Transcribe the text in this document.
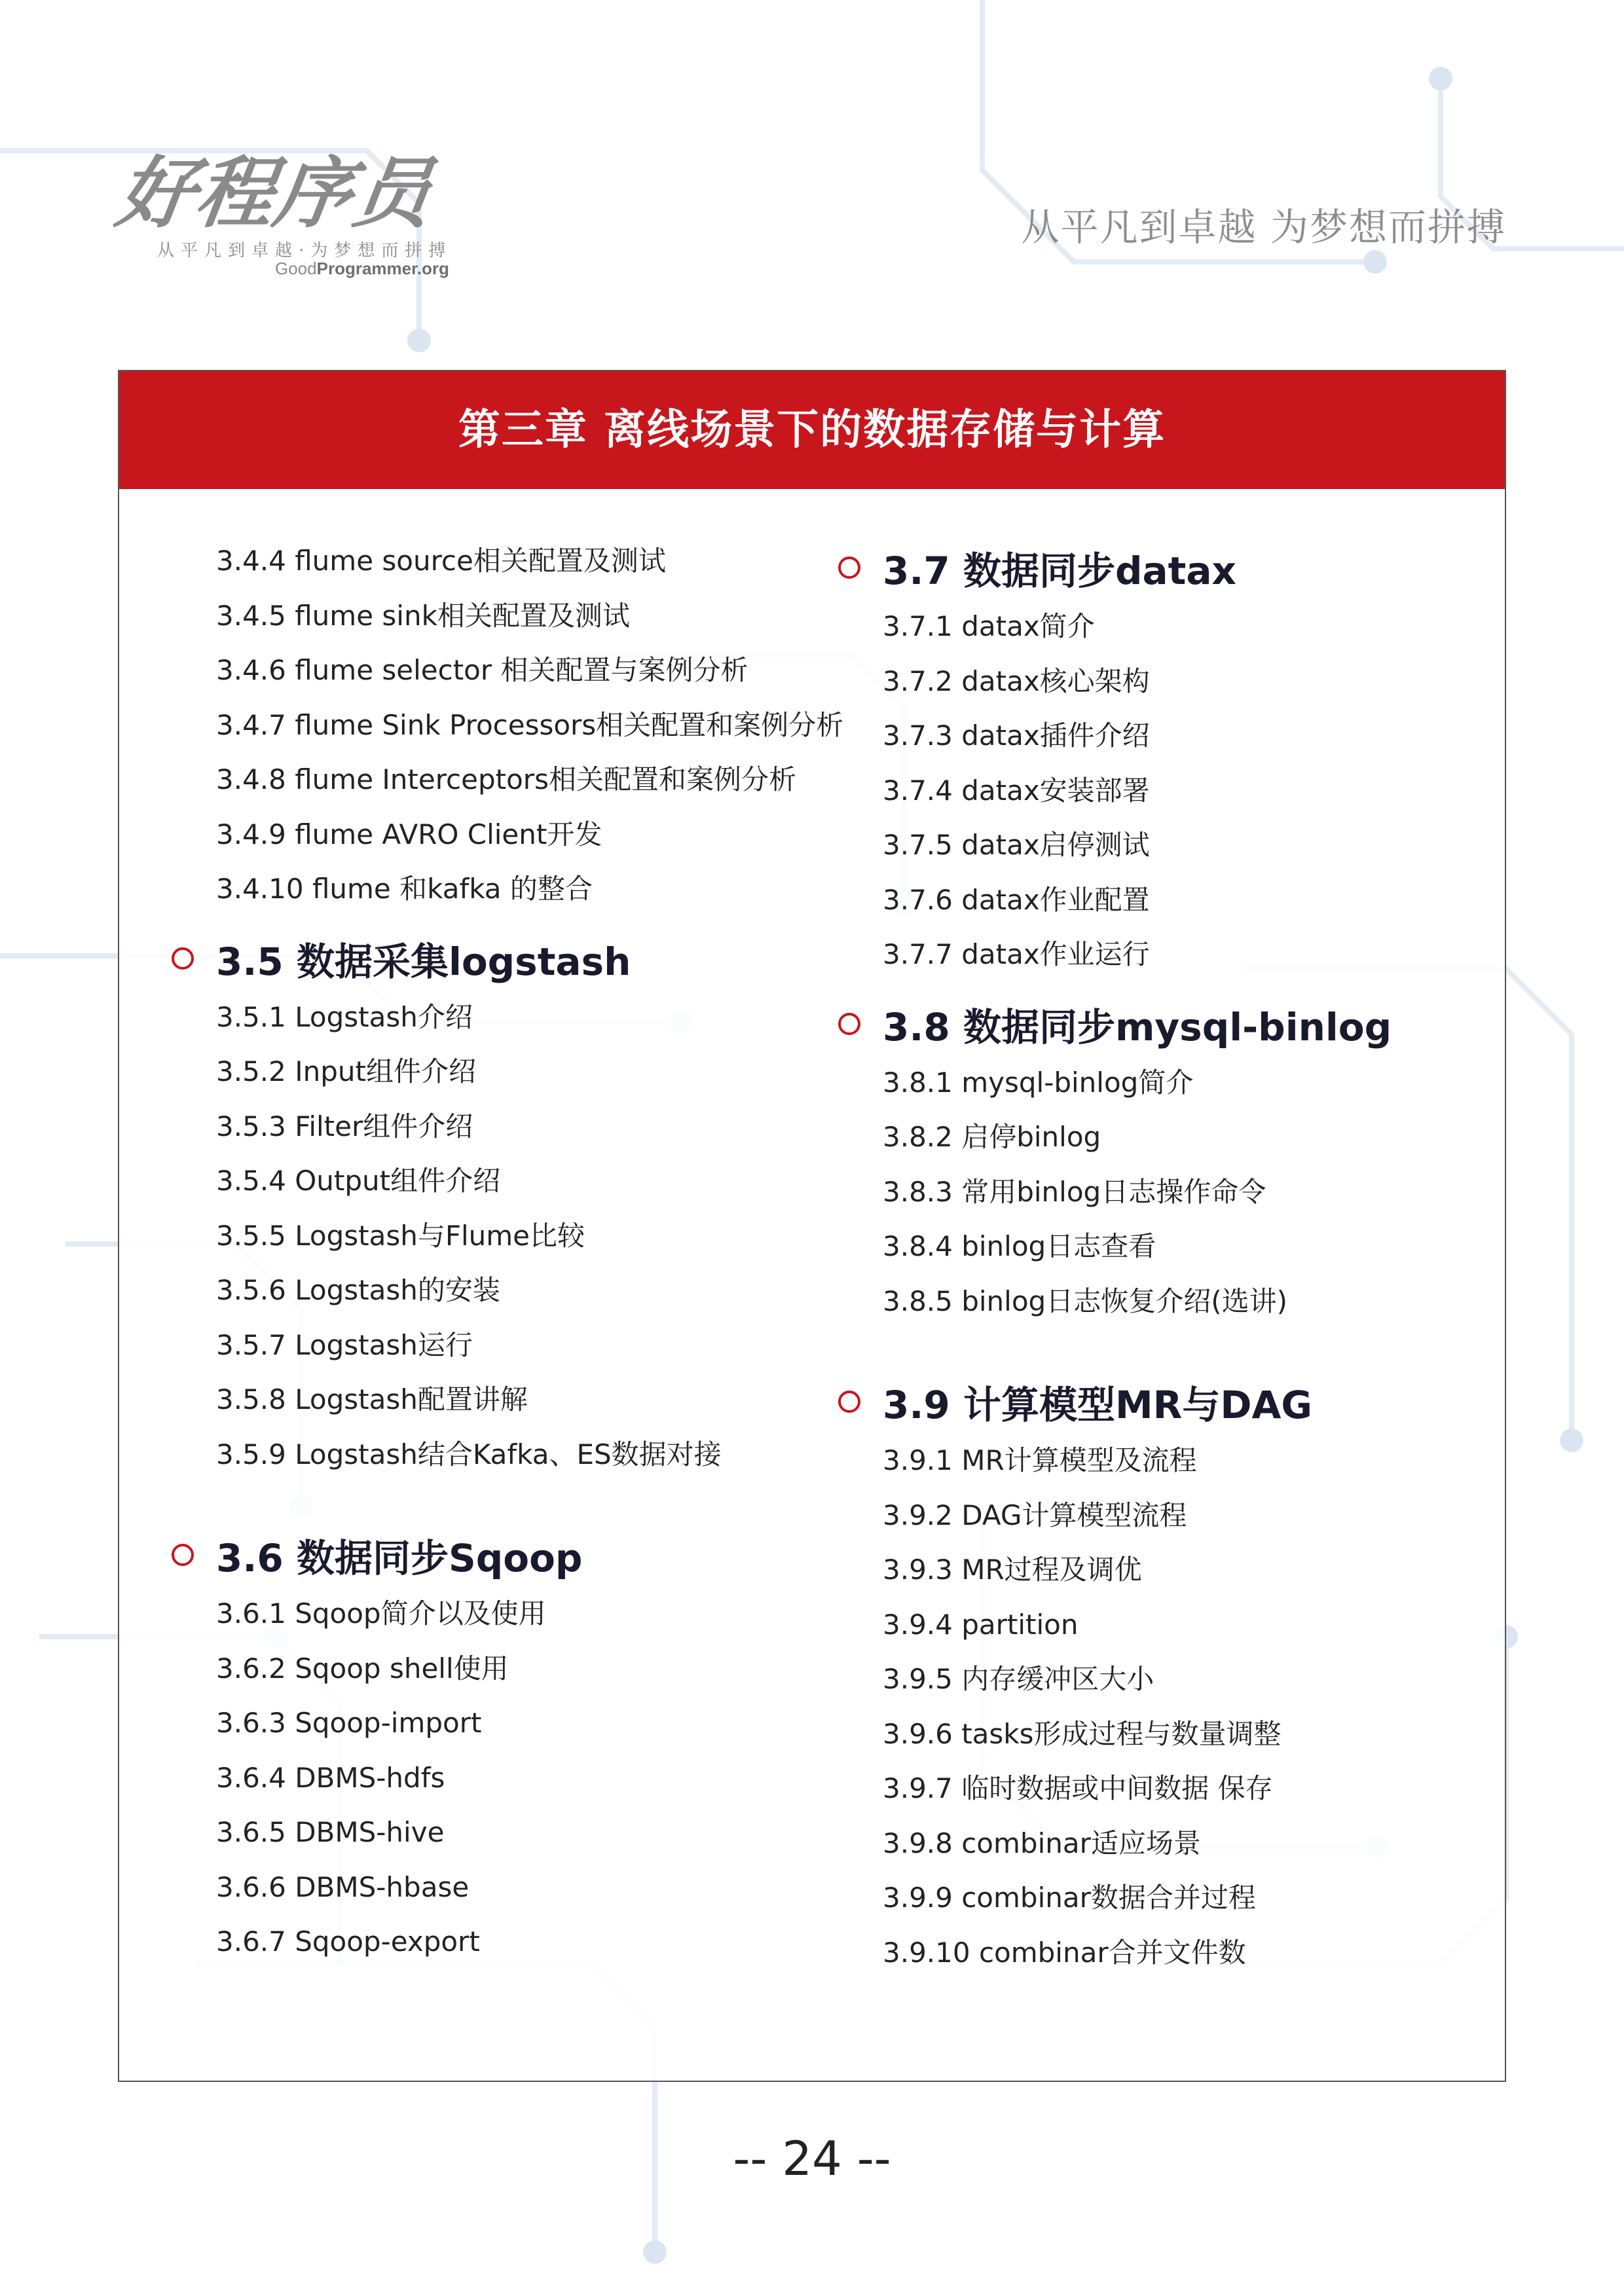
好程序员
从平凡到卓越·为梦想而拼搏
GoodProgrammer.org
从平凡到卓越 为梦想而拼搏
第三章 离线场景下的数据存储与计算
3.4.4 flume source相关配置及测试
3.4.5 flume sink相关配置及测试
3.4.6 flume selector 相关配置与案例分析
3.4.7 flume Sink Processors相关配置和案例分析
3.4.8 flume Interceptors相关配置和案例分析
3.4.9 flume AVRO Client开发
3.4.10 flume 和kafka 的整合
3.5 数据采集logstash
3.5.1 Logstash介绍
3.5.2 Input组件介绍
3.5.3 Filter组件介绍
3.5.4 Output组件介绍
3.5.5 Logstash与Flume比较
3.5.6 Logstash的安装
3.5.7 Logstash运行
3.5.8 Logstash配置讲解
3.5.9 Logstash结合Kafka、ES数据对接
3.6 数据同步Sqoop
3.6.1 Sqoop简介以及使用
3.6.2 Sqoop shell使用
3.6.3 Sqoop-import
3.6.4 DBMS-hdfs
3.6.5 DBMS-hive
3.6.6 DBMS-hbase
3.6.7 Sqoop-export
3.7 数据同步datax
3.7.1 datax简介
3.7.2 datax核心架构
3.7.3 datax插件介绍
3.7.4 datax安装部署
3.7.5 datax启停测试
3.7.6 datax作业配置
3.7.7 datax作业运行
3.8 数据同步mysql-binlog
3.8.1 mysql-binlog简介
3.8.2 启停binlog
3.8.3 常用binlog日志操作命令
3.8.4 binlog日志查看
3.8.5 binlog日志恢复介绍(选讲)
3.9 计算模型MR与DAG
3.9.1 MR计算模型及流程
3.9.2 DAG计算模型流程
3.9.3 MR过程及调优
3.9.4 partition
3.9.5 内存缓冲区大小
3.9.6 tasks形成过程与数量调整
3.9.7 临时数据或中间数据 保存
3.9.8 combinar适应场景
3.9.9 combinar数据合并过程
3.9.10 combinar合并文件数
-- 24 --
